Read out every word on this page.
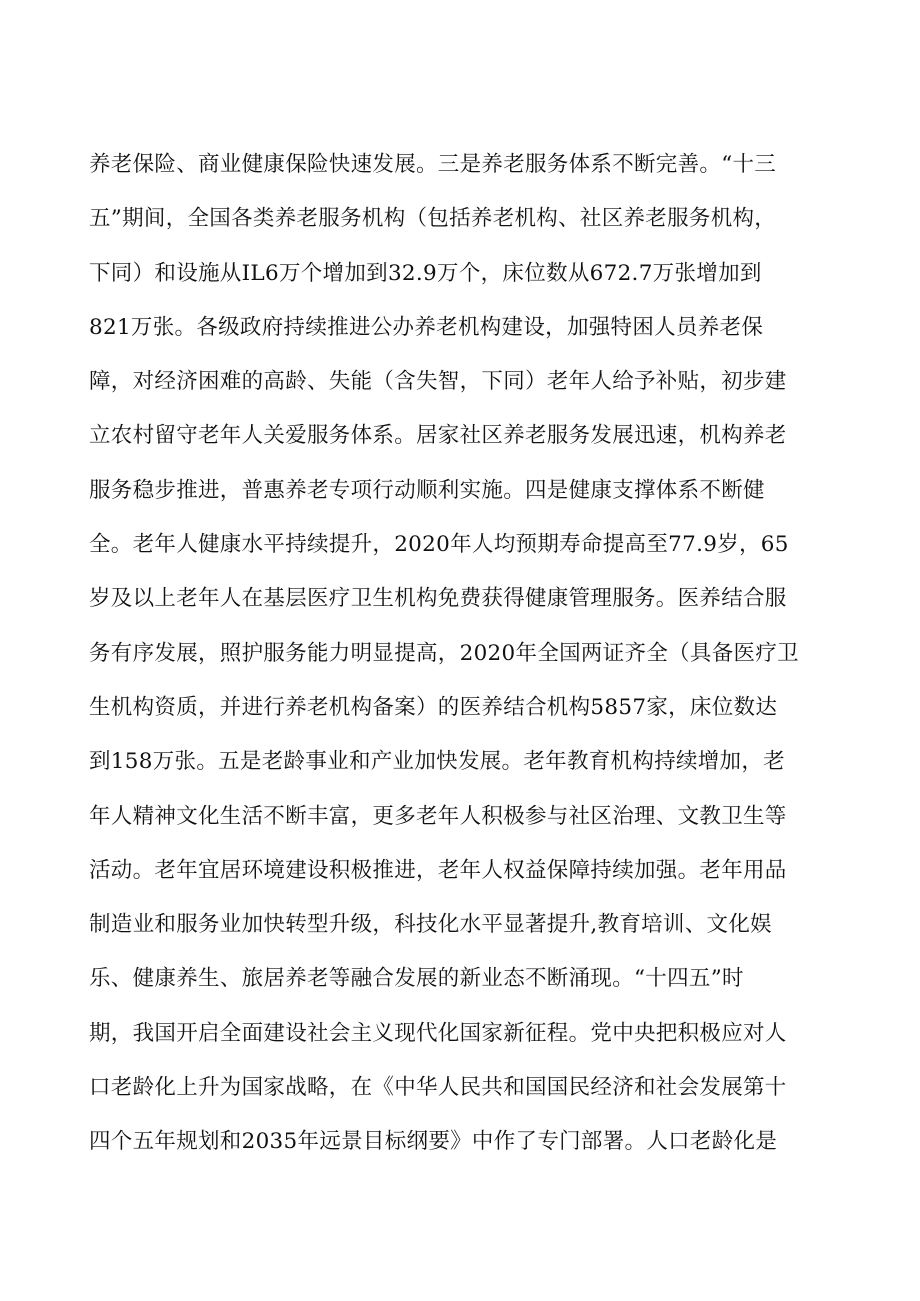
养老保险、商业健康保险快速发展。三是养老服务体系不断完善。“十三
五”期间，全国各类养老服务机构（包括养老机构、社区养老服务机构，
下同）和设施从IL6万个增加到32.9万个，床位数从672.7万张增加到
821万张。各级政府持续推进公办养老机构建设，加强特困人员养老保
障，对经济困难的高龄、失能（含失智，下同）老年人给予补贴，初步建
立农村留守老年人关爱服务体系。居家社区养老服务发展迅速，机构养老
服务稳步推进，普惠养老专项行动顺利实施。四是健康支撑体系不断健
全。老年人健康水平持续提升，2020年人均预期寿命提高至77.9岁，65
岁及以上老年人在基层医疗卫生机构免费获得健康管理服务。医养结合服
务有序发展，照护服务能力明显提高，2020年全国两证齐全（具备医疗卫
生机构资质，并进行养老机构备案）的医养结合机构5857家，床位数达
到158万张。五是老龄事业和产业加快发展。老年教育机构持续增加，老
年人精神文化生活不断丰富，更多老年人积极参与社区治理、文教卫生等
活动。老年宜居环境建设积极推进，老年人权益保障持续加强。老年用品
制造业和服务业加快转型升级，科技化水平显著提升,教育培训、文化娱
乐、健康养生、旅居养老等融合发展的新业态不断涌现。“十四五”时
期，我国开启全面建设社会主义现代化国家新征程。党中央把积极应对人
口老龄化上升为国家战略，在《中华人民共和国国民经济和社会发展第十
四个五年规划和2035年远景目标纲要》中作了专门部署。人口老龄化是
